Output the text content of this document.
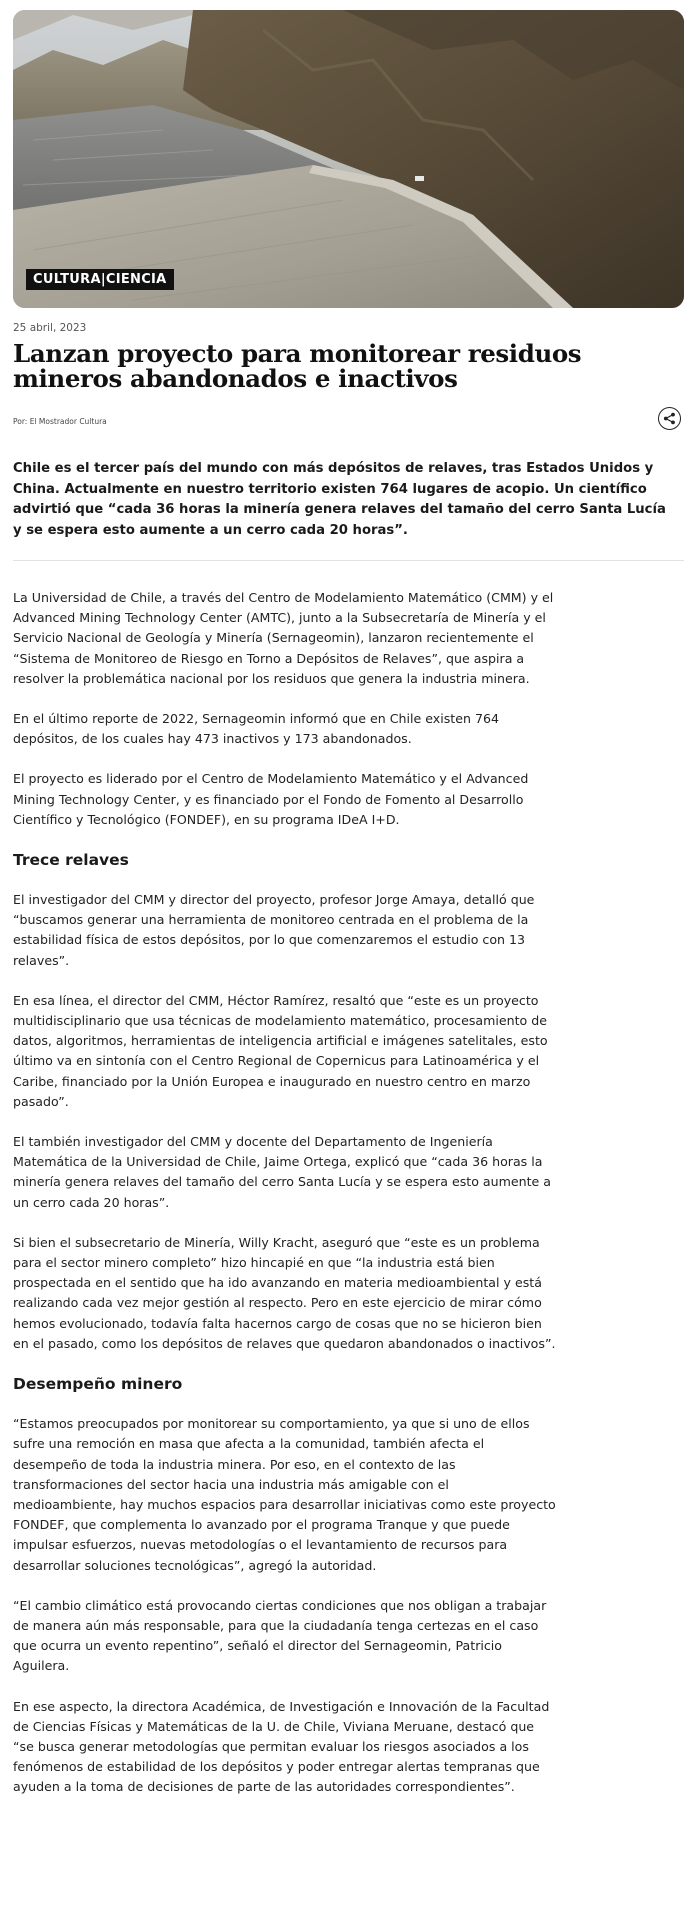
CULTURA|CIENCIA
25 abril, 2023
Lanzan proyecto para monitorear residuos mineros abandonados e inactivos
Por: El Mostrador Cultura

Chile es el tercer país del mundo con más depósitos de relaves, tras Estados Unidos y China. Actualmente en nuestro territorio existen 764 lugares de acopio. Un científico advirtió que “cada 36 horas la minería genera relaves del tamaño del cerro Santa Lucía y se espera esto aumente a un cerro cada 20 horas”.

La Universidad de Chile, a través del Centro de Modelamiento Matemático (CMM) y el Advanced Mining Technology Center (AMTC), junto a la Subsecretaría de Minería y el Servicio Nacional de Geología y Minería (Sernageomin), lanzaron recientemente el “Sistema de Monitoreo de Riesgo en Torno a Depósitos de Relaves”, que aspira a resolver la problemática nacional por los residuos que genera la industria minera.

En el último reporte de 2022, Sernageomin informó que en Chile existen 764 depósitos, de los cuales hay 473 inactivos y 173 abandonados.

El proyecto es liderado por el Centro de Modelamiento Matemático y el Advanced Mining Technology Center, y es financiado por el Fondo de Fomento al Desarrollo Científico y Tecnológico (FONDEF), en su programa IDeA I+D.

Trece relaves

El investigador del CMM y director del proyecto, profesor Jorge Amaya, detalló que “buscamos generar una herramienta de monitoreo centrada en el problema de la estabilidad física de estos depósitos, por lo que comenzaremos el estudio con 13 relaves”.

En esa línea, el director del CMM, Héctor Ramírez, resaltó que “este es un proyecto multidisciplinario que usa técnicas de modelamiento matemático, procesamiento de datos, algoritmos, herramientas de inteligencia artificial e imágenes satelitales, esto último va en sintonía con el Centro Regional de Copernicus para Latinoamérica y el Caribe, financiado por la Unión Europea e inaugurado en nuestro centro en marzo pasado”.

El también investigador del CMM y docente del Departamento de Ingeniería Matemática de la Universidad de Chile, Jaime Ortega, explicó que “cada 36 horas la minería genera relaves del tamaño del cerro Santa Lucía y se espera esto aumente a un cerro cada 20 horas”.

Si bien el subsecretario de Minería, Willy Kracht, aseguró que “este es un problema para el sector minero completo” hizo hincapié en que “la industria está bien prospectada en el sentido que ha ido avanzando en materia medioambiental y está realizando cada vez mejor gestión al respecto. Pero en este ejercicio de mirar cómo hemos evolucionado, todavía falta hacernos cargo de cosas que no se hicieron bien en el pasado, como los depósitos de relaves que quedaron abandonados o inactivos”.

Desempeño minero

“Estamos preocupados por monitorear su comportamiento, ya que si uno de ellos sufre una remoción en masa que afecta a la comunidad, también afecta el desempeño de toda la industria minera. Por eso, en el contexto de las transformaciones del sector hacia una industria más amigable con el medioambiente, hay muchos espacios para desarrollar iniciativas como este proyecto FONDEF, que complementa lo avanzado por el programa Tranque y que puede impulsar esfuerzos, nuevas metodologías o el levantamiento de recursos para desarrollar soluciones tecnológicas”, agregó la autoridad.

“El cambio climático está provocando ciertas condiciones que nos obligan a trabajar de manera aún más responsable, para que la ciudadanía tenga certezas en el caso que ocurra un evento repentino”, señaló el director del Sernageomin, Patricio Aguilera.

En ese aspecto, la directora Académica, de Investigación e Innovación de la Facultad de Ciencias Físicas y Matemáticas de la U. de Chile, Viviana Meruane, destacó que “se busca generar metodologías que permitan evaluar los riesgos asociados a los fenómenos de estabilidad de los depósitos y poder entregar alertas tempranas que ayuden a la toma de decisiones de parte de las autoridades correspondientes”.
